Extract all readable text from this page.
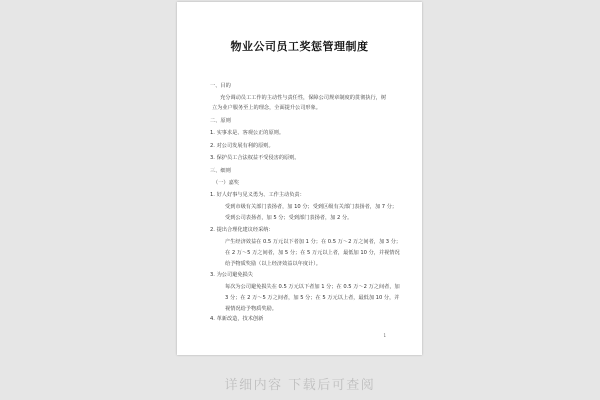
物业公司员工奖惩管理制度
一、目的
充分调动员工工作的主动性与责任性，保障公司规章制度的贯彻执行，树
立为业户服务至上的理念，全面提升公司形象。
二、原则
1. 实事求是、客观公正的原则。
2. 对公司发展有利的原则。
3. 保护员工合法权益不受侵害的原则。
三、细则
（一）嘉奖
1. 好人好事与见义勇为、工作主动负责：
受到市级有关部门表扬者，加 10 分；受到区级有关部门表扬者，加 7 分；
受到公司表扬者，加 5 分；受到部门表扬者，加 2 分。
2. 提出合理化建议经采纳：
产生经济效益在 0.5 万元以下者加 1 分；在 0.5 万～2 万之间者，加 3 分；
在 2 万～5 万之间者，加 5 分；在 5 万元以上者，最低加 10 分，并视情况
给予物质奖励（以上经济效益以年度计）。
3. 为公司避免损失
每次为公司避免损失在 0.5 万元以下者加 1 分；在 0.5 万～2 万之间者，加
3 分；在 2 万～5 万之间者，加 5 分；在 5 万元以上者，最低加 10 分，并
视情况给予物质奖励。
4. 革新改造，技术创新
1
详细内容 下载后可查阅
